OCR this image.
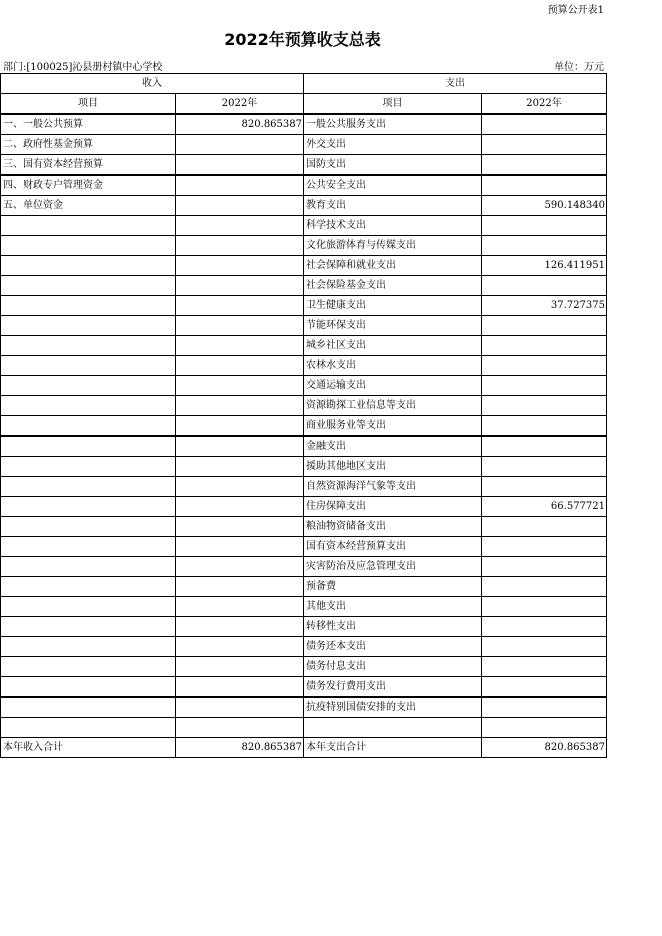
预算公开表1
2022年预算收支总表
部门:[100025]沁县册村镇中心学校	单位：万元
收入		支出	
项目	2022年	项目	2022年
一、一般公共预算	820.865387	一般公共服务支出	
二、政府性基金预算		外交支出	
三、国有资本经营预算		国防支出	
四、财政专户管理资金		公共安全支出	
五、单位资金		教育支出	590.148340
		科学技术支出	
		文化旅游体育与传媒支出	
		社会保障和就业支出	126.411951
		社会保险基金支出	
		卫生健康支出	37.727375
		节能环保支出	
		城乡社区支出	
		农林水支出	
		交通运输支出	
		资源勘探工业信息等支出	
		商业服务业等支出	
		金融支出	
		援助其他地区支出	
		自然资源海洋气象等支出	
		住房保障支出	66.577721
		粮油物资储备支出	
		国有资本经营预算支出	
		灾害防治及应急管理支出	
		预备费	
		其他支出	
		转移性支出	
		债务还本支出	
		债务付息支出	
		债务发行费用支出	
		抗疫特别国债安排的支出	

本年收入合计	820.865387	本年支出合计	820.865387
